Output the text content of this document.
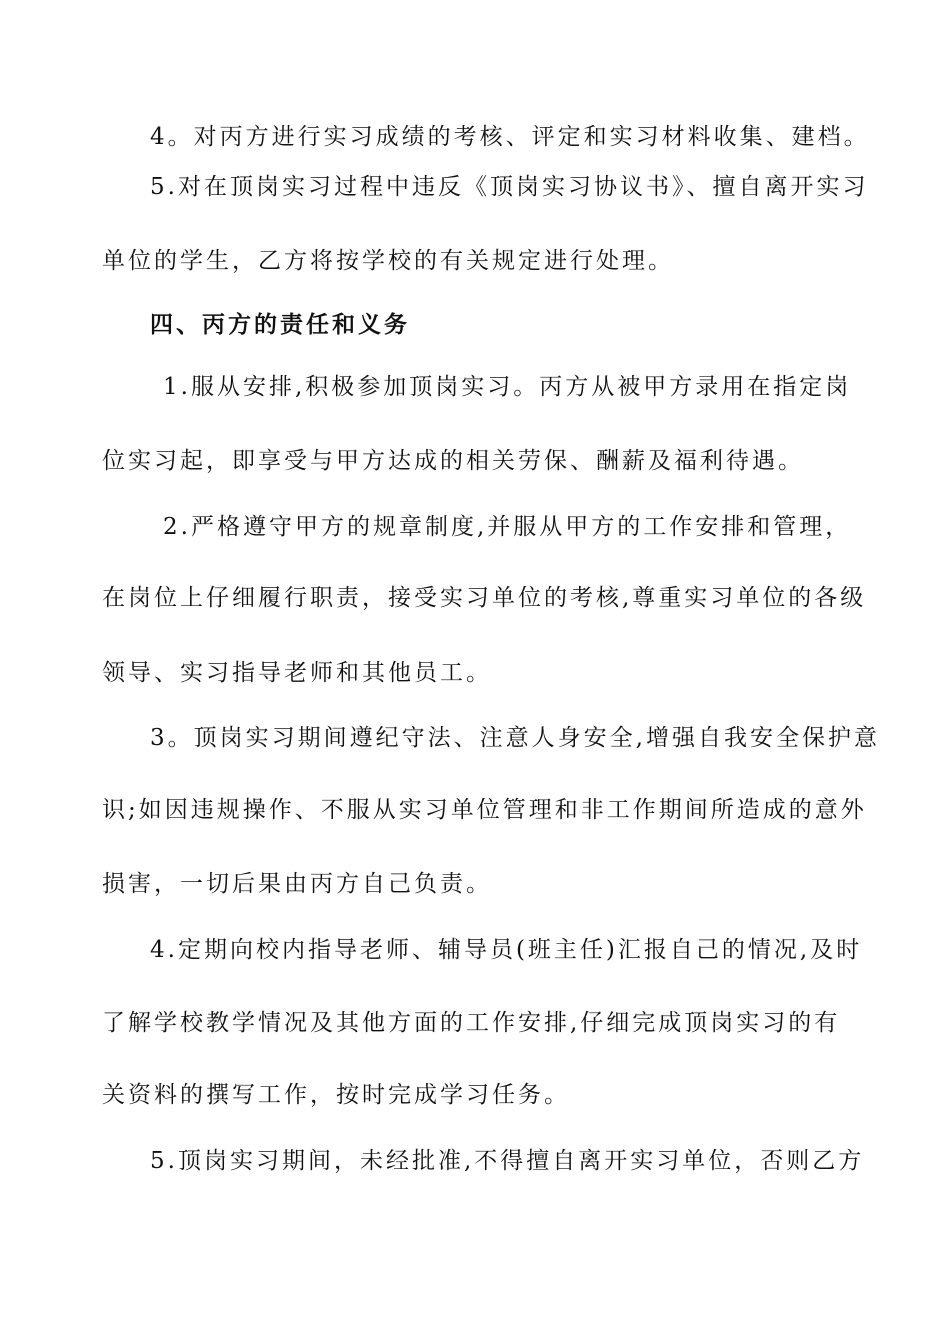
4。对丙方进行实习成绩的考核、评定和实习材料收集、建档。
5.对在顶岗实习过程中违反《顶岗实习协议书》、擅自离开实习
单位的学生，乙方将按学校的有关规定进行处理。
四、丙方的责任和义务
1.服从安排,积极参加顶岗实习。丙方从被甲方录用在指定岗
位实习起，即享受与甲方达成的相关劳保、酬薪及福利待遇。
2.严格遵守甲方的规章制度,并服从甲方的工作安排和管理，
在岗位上仔细履行职责，接受实习单位的考核,尊重实习单位的各级
领导、实习指导老师和其他员工。
3。顶岗实习期间遵纪守法、注意人身安全,增强自我安全保护意
识;如因违规操作、不服从实习单位管理和非工作期间所造成的意外
损害，一切后果由丙方自己负责。
4.定期向校内指导老师、辅导员(班主任)汇报自己的情况,及时
了解学校教学情况及其他方面的工作安排,仔细完成顶岗实习的有
关资料的撰写工作，按时完成学习任务。
5.顶岗实习期间，未经批准,不得擅自离开实习单位，否则乙方
